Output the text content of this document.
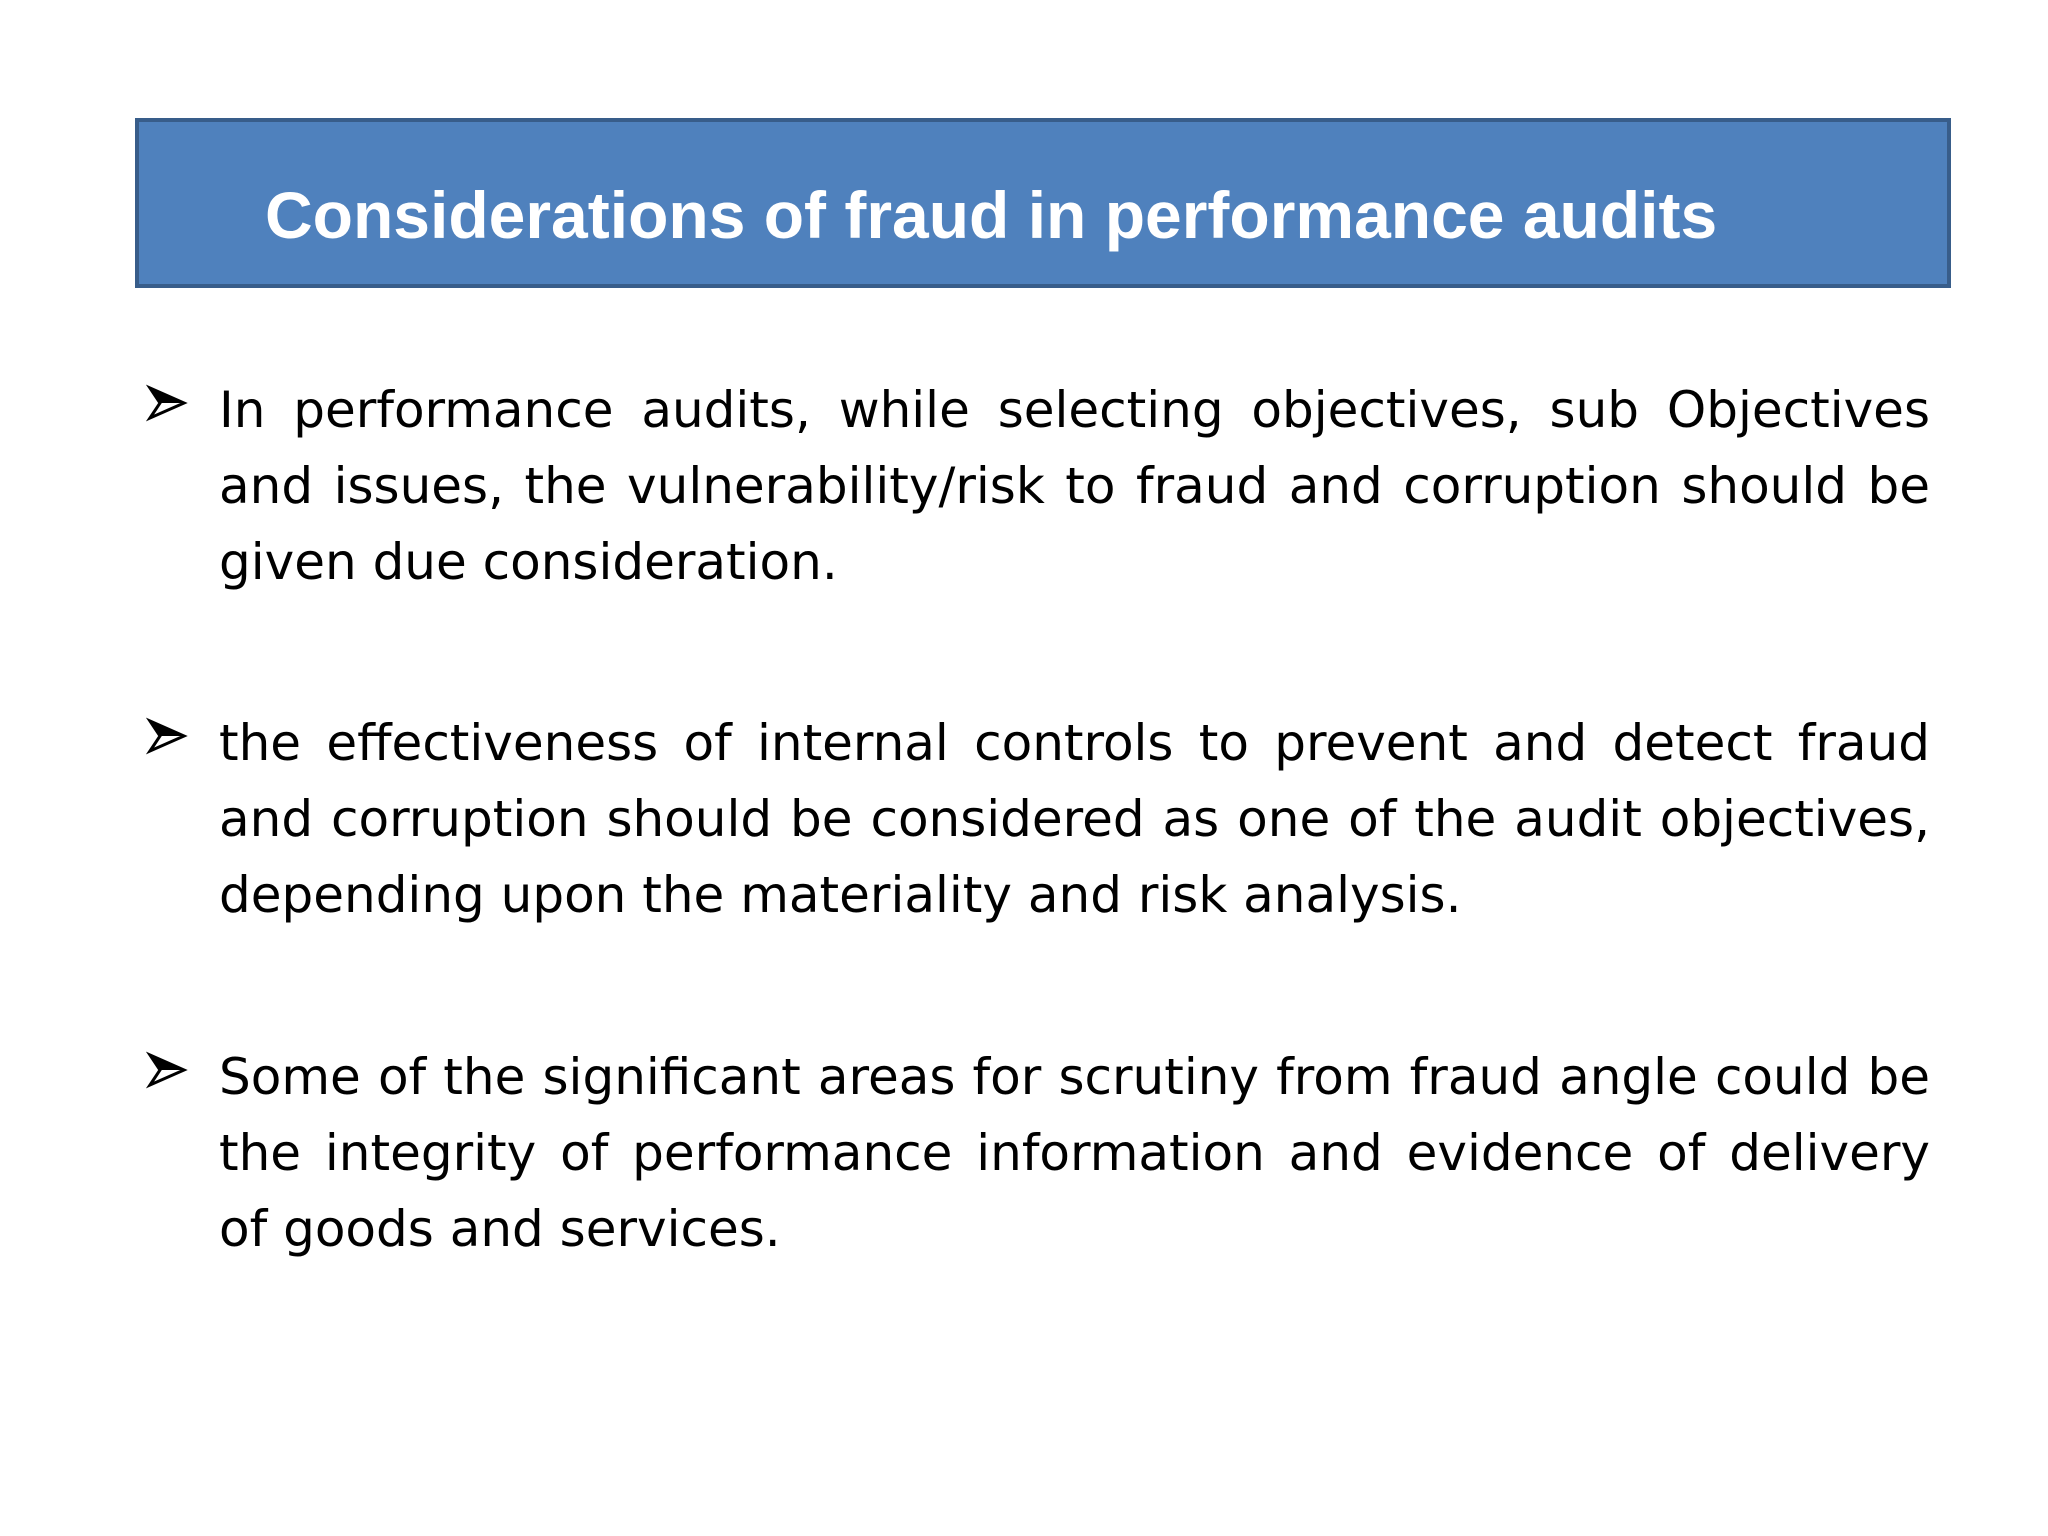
Considerations of fraud in performance audits

In performance audits, while selecting objectives, sub Objectives and issues, the vulnerability/risk to fraud and corruption should be given due consideration.

the effectiveness of internal controls to prevent and detect fraud and corruption should be considered as one of the audit objectives, depending upon the materiality and risk analysis.

Some of the significant areas for scrutiny from fraud angle could be the integrity of performance information and evidence of delivery of goods and services.
